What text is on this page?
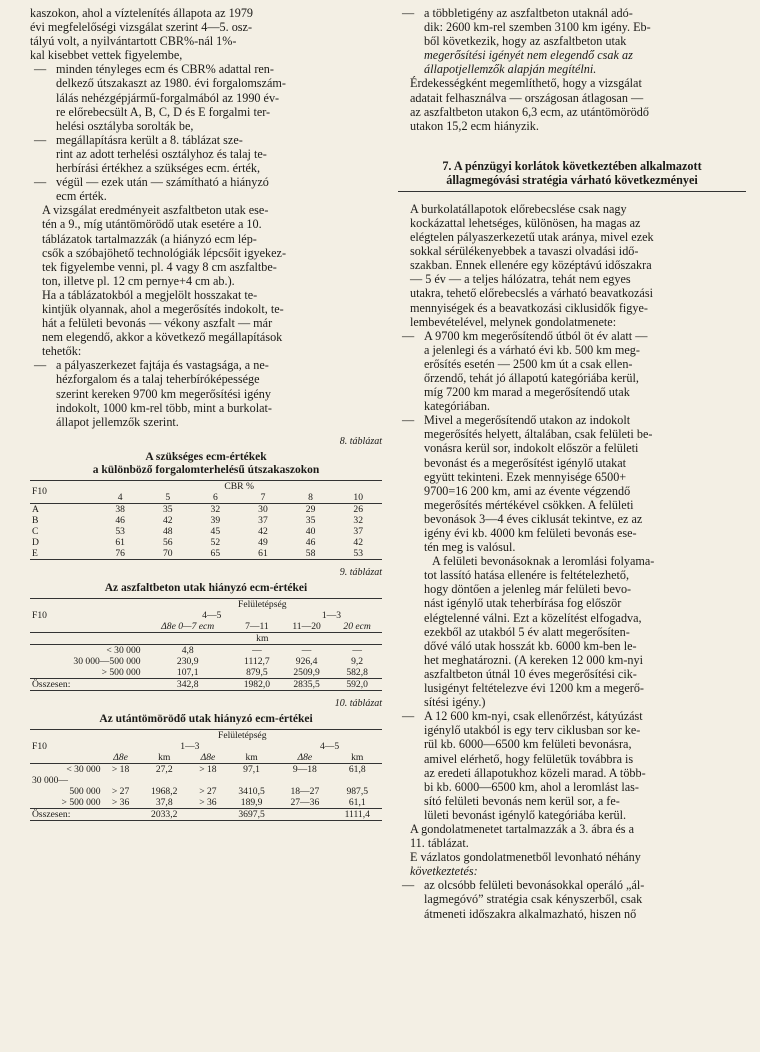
kaszokon, ahol a víztelenítés állapota az 1979

évi megfelelőségi vizsgálat szerint 4—5. osz-

tályú volt, a nyilvántartott CBR%-nál 1%-

kal kisebbet vettek figyelembe,

— minden tényleges ecm és CBR% adattal ren-

delkező útszakaszt az 1980. évi forgalomszám-

lálás nehézgépjármű-forgalmából az 1990 év-

re előrebecsült A, B, C, D és E forgalmi ter-

helési osztályba sorolták be,

— megállapításra került a 8. táblázat sze-

rint az adott terhelési osztályhoz és talaj te-

herbírási értékhez a szükséges ecm. érték,

— végül — ezek után — számítható a hiányzó

ecm érték.

A vizsgálat eredményeit aszfaltbeton utak ese-

tén a 9., míg utántömörödő utak esetére a 10.

táblázatok tartalmazzák (a hiányzó ecm lép-

csők a szóbajöhető technológiák lépcsőit igyekez-

tek figyelembe venni, pl. 4 vagy 8 cm aszfaltbe-

ton, illetve pl. 12 cm pernye+4 cm ab.).

Ha a táblázatokból a megjelölt hosszakat te-

kintjük olyannak, ahol a megerősítés indokolt, te-

hát a felületi bevonás — vékony aszfalt — már

nem elegendő, akkor a következő megállapítások

tehetők:

— a pályaszerkezet fajtája és vastagsága, a ne-

hézforgalom és a talaj teherbíróképessége

szerint kereken 9700 km megerősítési igény

indokolt, 1000 km-rel több, mint a burkolat-

állapot jellemzők szerint.

8. táblázat
A szükséges ecm-értékek
a különböző forgalomterhelésű útszakaszokon
F10	CBR %					
	4	5	6	7	8	10
A	38	35	32	30	29	26
B	46	42	39	37	35	32
C	53	48	45	42	40	37
D	61	56	52	49	46	42
E	76	70	65	61	58	53
9. táblázat
Az aszfaltbeton utak hiányzó ecm-értékei
F10	Felületépség			
	4—5		1—3	
	Δ8e 0—7 ecm	7—11	11—20	20 ecm
	km			
< 30 000	4,8	—	—	—
30 000—500 000	230,9	1112,7	926,4	9,2
> 500 000	107,1	879,5	2509,9	582,8
Összesen:	342,8	1982,0	2835,5	592,0
10. táblázat
Az utántömörödő utak hiányzó ecm-értékei
F10	Felületépség					
	1—3				4—5	
	Δ8e	km	Δ8e	km	Δ8e	km
< 30 000	> 18	27,2	> 18	97,1	9—18	61,8
30 000—						
500 000	> 27	1968,2	> 27	3410,5	18—27	987,5
> 500 000	> 36	37,8	> 36	189,9	27—36	61,1
Összesen:		2033,2		3697,5		1111,4
— a többletigény az aszfaltbeton utaknál adó-

dik: 2600 km-rel szemben 3100 km igény. Eb-

ből következik, hogy az aszfaltbeton utak

megerősítési igényét nem elegendő csak az

állapotjellemzők alapján megítélni.

Érdekességként megemlíthető, hogy a vizsgálat

adatait felhasználva — országosan átlagosan —

az aszfaltbeton utakon 6,3 ecm, az utántömörödő

utakon 15,2 ecm hiányzik.

7. A pénzügyi korlátok következtében alkalmazott

állagmegóvási stratégia várható következményei

A burkolatállapotok előrebecslése csak nagy

kockázattal lehetséges, különösen, ha magas az

elégtelen pályaszerkezetű utak aránya, mivel ezek

sokkal sérülékenyebbek a tavaszi olvadási idő-

szakban. Ennek ellenére egy középtávú időszakra

— 5 év — a teljes hálózatra, tehát nem egyes

utakra, tehető előrebecslés a várható beavatkozási

mennyiségek és a beavatkozási ciklusidők figye-

lembevételével, melynek gondolatmenete:

— A 9700 km megerősítendő útból öt év alatt —

a jelenlegi és a várható évi kb. 500 km meg-

erősítés esetén — 2500 km út a csak ellen-

őrzendő, tehát jó állapotú kategóriába kerül,

míg 7200 km marad a megerősítendő utak

kategóriában.

— Mivel a megerősítendő utakon az indokolt

megerősítés helyett, általában, csak felületi be-

vonásra kerül sor, indokolt először a felületi

bevonást és a megerősítést igénylő utakat

együtt tekinteni. Ezek mennyisége 6500+

9700=16 200 km, ami az évente végzendő

megerősítés mértékével csökken. A felületi

bevonások 3—4 éves ciklusát tekintve, ez az

igény évi kb. 4000 km felületi bevonás ese-

tén meg is valósul.

A felületi bevonásoknak a leromlási folyama-

tot lassító hatása ellenére is feltételezhető,

hogy döntően a jelenleg már felületi bevo-

nást igénylő utak teherbírása fog először

elégtelenné válni. Ezt a közelítést elfogadva,

ezekből az utakból 5 év alatt megerősíten-

dővé váló utak hosszát kb. 6000 km-ben le-

het meghatározni. (A kereken 12 000 km-nyi

aszfaltbeton útnál 10 éves megerősítési cik-

lusigényt feltételezve évi 1200 km a megerő-

sítési igény.)

— A 12 600 km-nyi, csak ellenőrzést, kátyúzást

igénylő utakból is egy terv ciklusban sor ke-

rül kb. 6000—6500 km felületi bevonásra,

amivel elérhető, hogy felületük továbbra is

az eredeti állapotukhoz közeli marad. A több-

bi kb. 6000—6500 km, ahol a leromlást las-

sító felületi bevonás nem kerül sor, a fe-

lületi bevonást igénylő kategóriába kerül.

A gondolatmenetet tartalmazzák a 3. ábra és a

11. táblázat.

E vázlatos gondolatmenetből levonható néhány

következtetés:

— az olcsóbb felületi bevonásokkal operáló „ál-

lagmegóvó” stratégia csak kényszerből, csak

átmeneti időszakra alkalmazható, hiszen nő
